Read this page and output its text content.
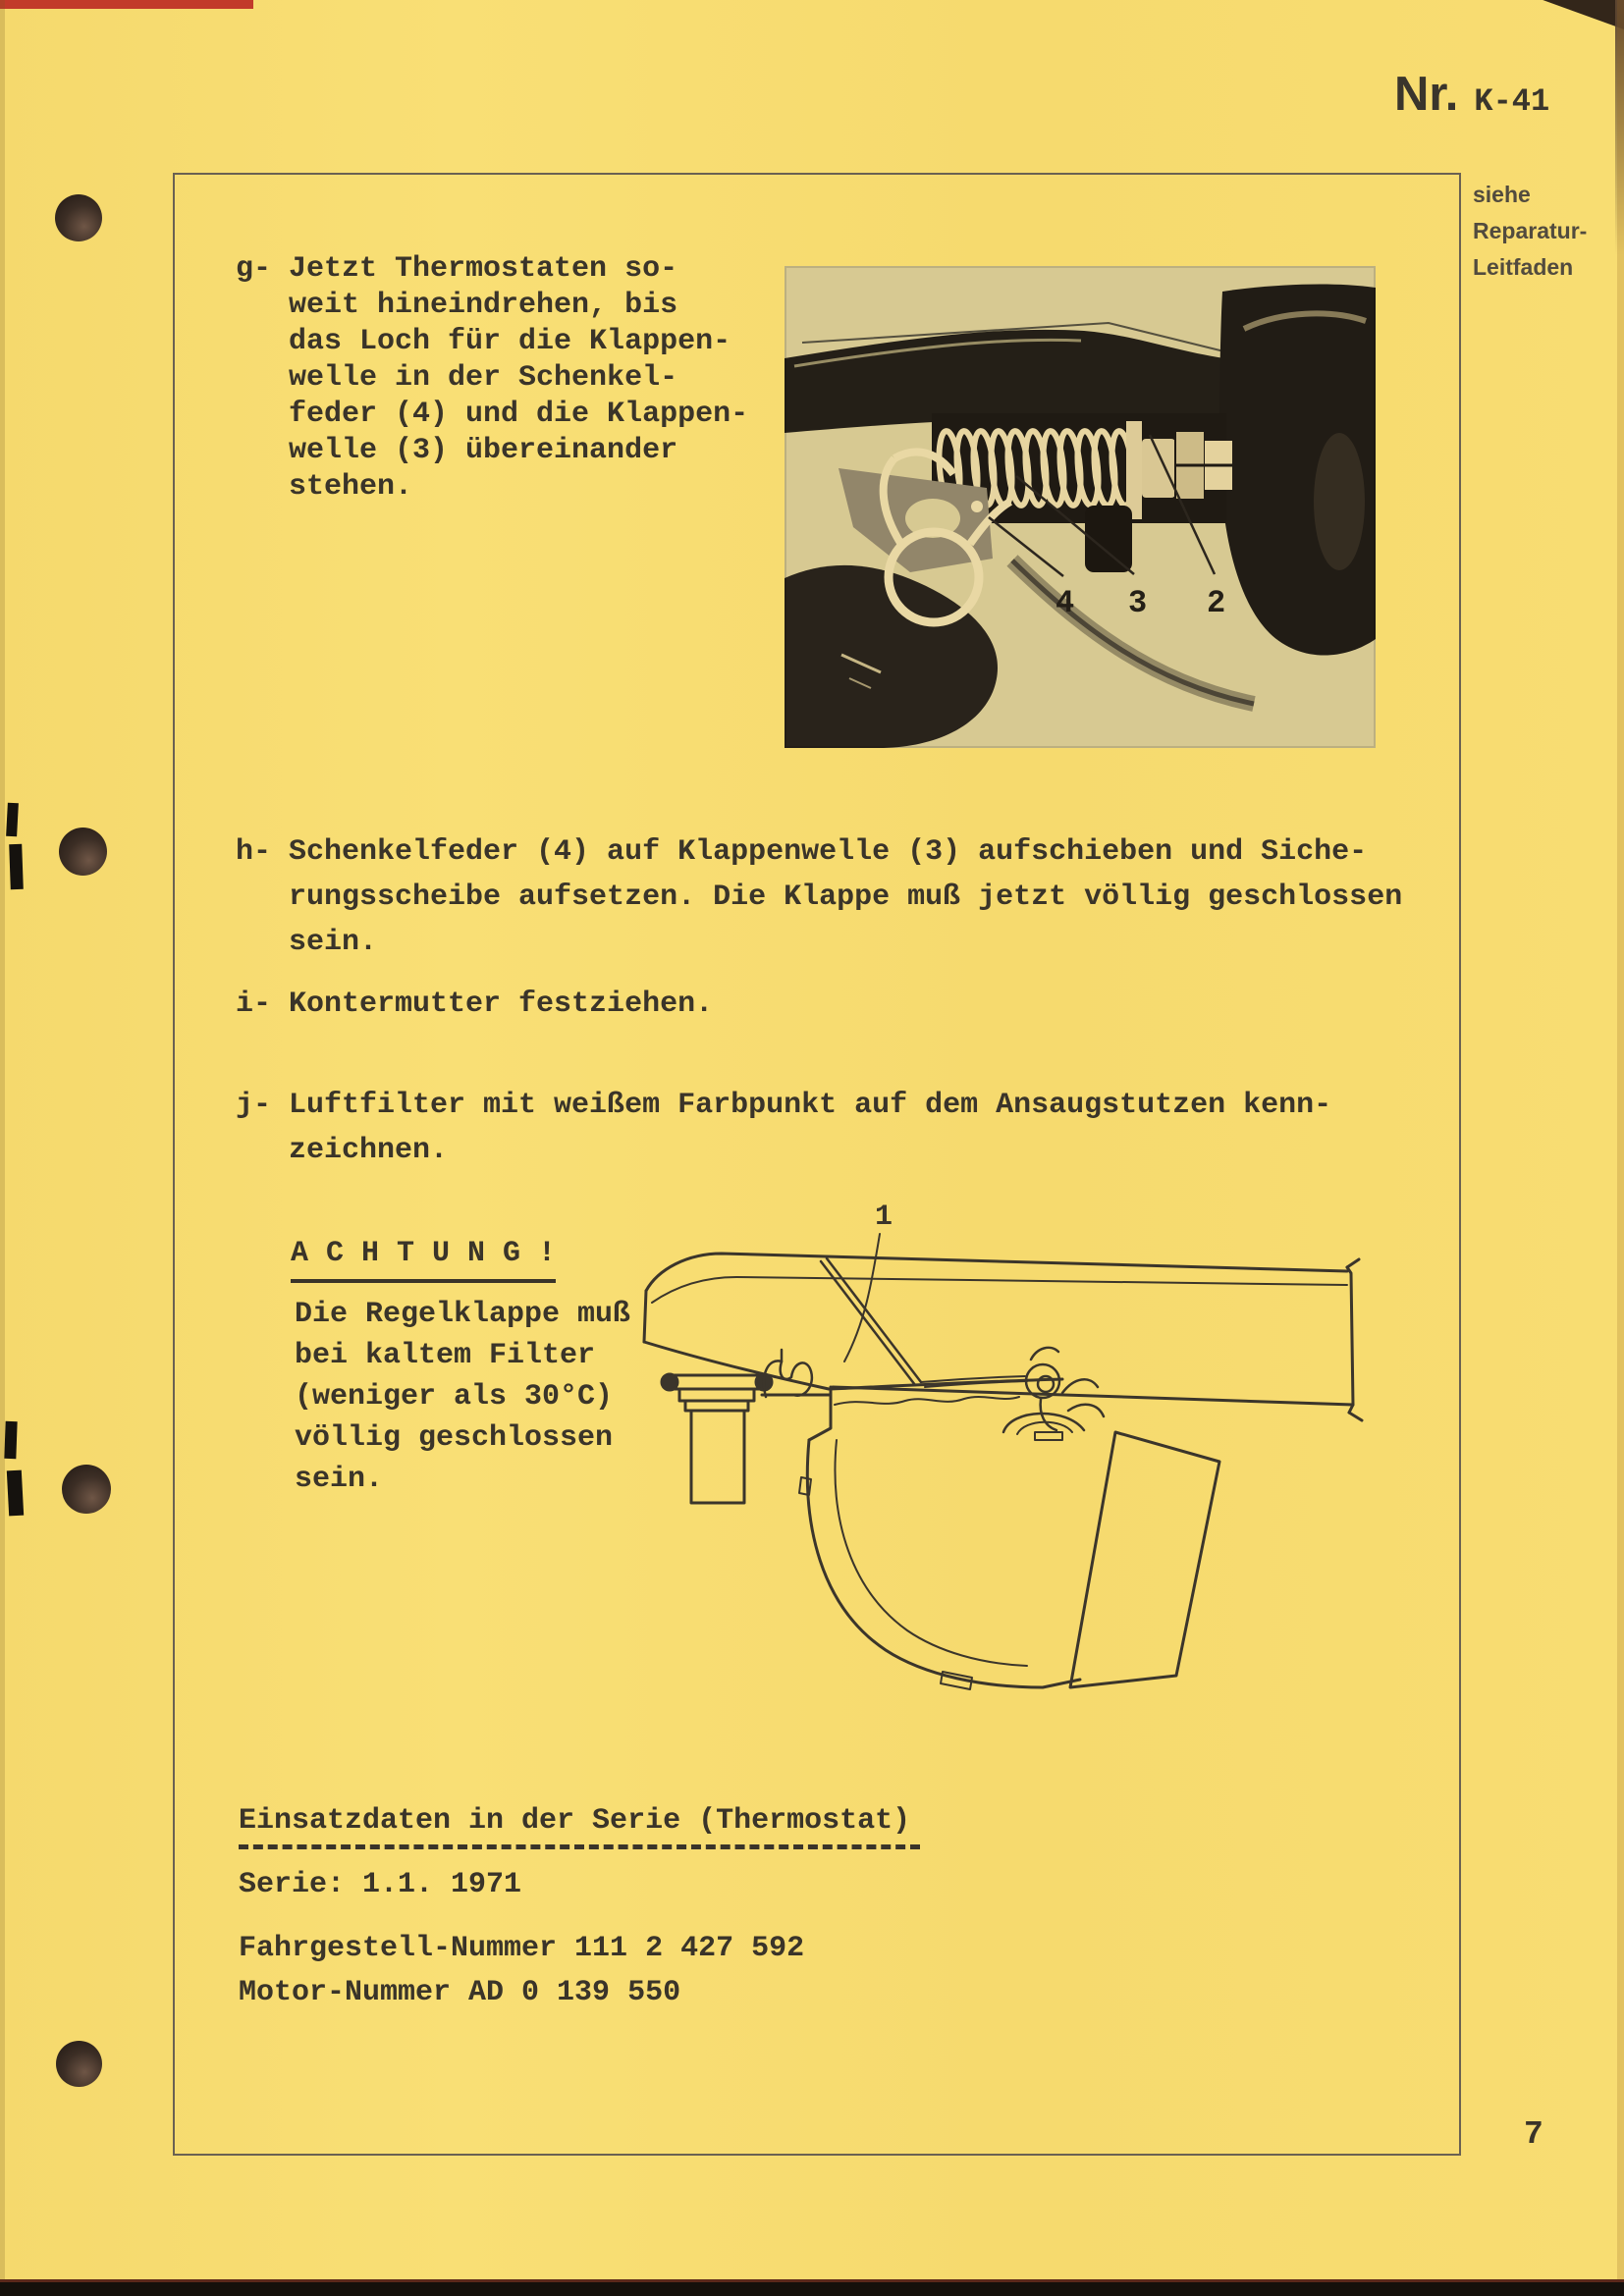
Nr. K-41
siehe
Reparatur-
Leitfaden
g- Jetzt Thermostaten so-
weit hineindrehen, bis
das Loch für die Klappen-
welle in der Schenkel-
feder (4) und die Klappen-
welle (3) übereinander
stehen.
4 3 2
h- Schenkelfeder (4) auf Klappenwelle (3) aufschieben und Siche-
rungsscheibe aufsetzen. Die Klappe muß jetzt völlig geschlossen
sein.
i- Kontermutter festziehen.
j- Luftfilter mit weißem Farbpunkt auf dem Ansaugstutzen kenn-
zeichnen.
A C H T U N G !
Die Regelklappe muß
bei kaltem Filter
(weniger als 30°C)
völlig geschlossen
sein.
1
Einsatzdaten in der Serie (Thermostat)
Serie: 1.1. 1971
Fahrgestell-Nummer 111 2 427 592
Motor-Nummer AD 0 139 550
7
